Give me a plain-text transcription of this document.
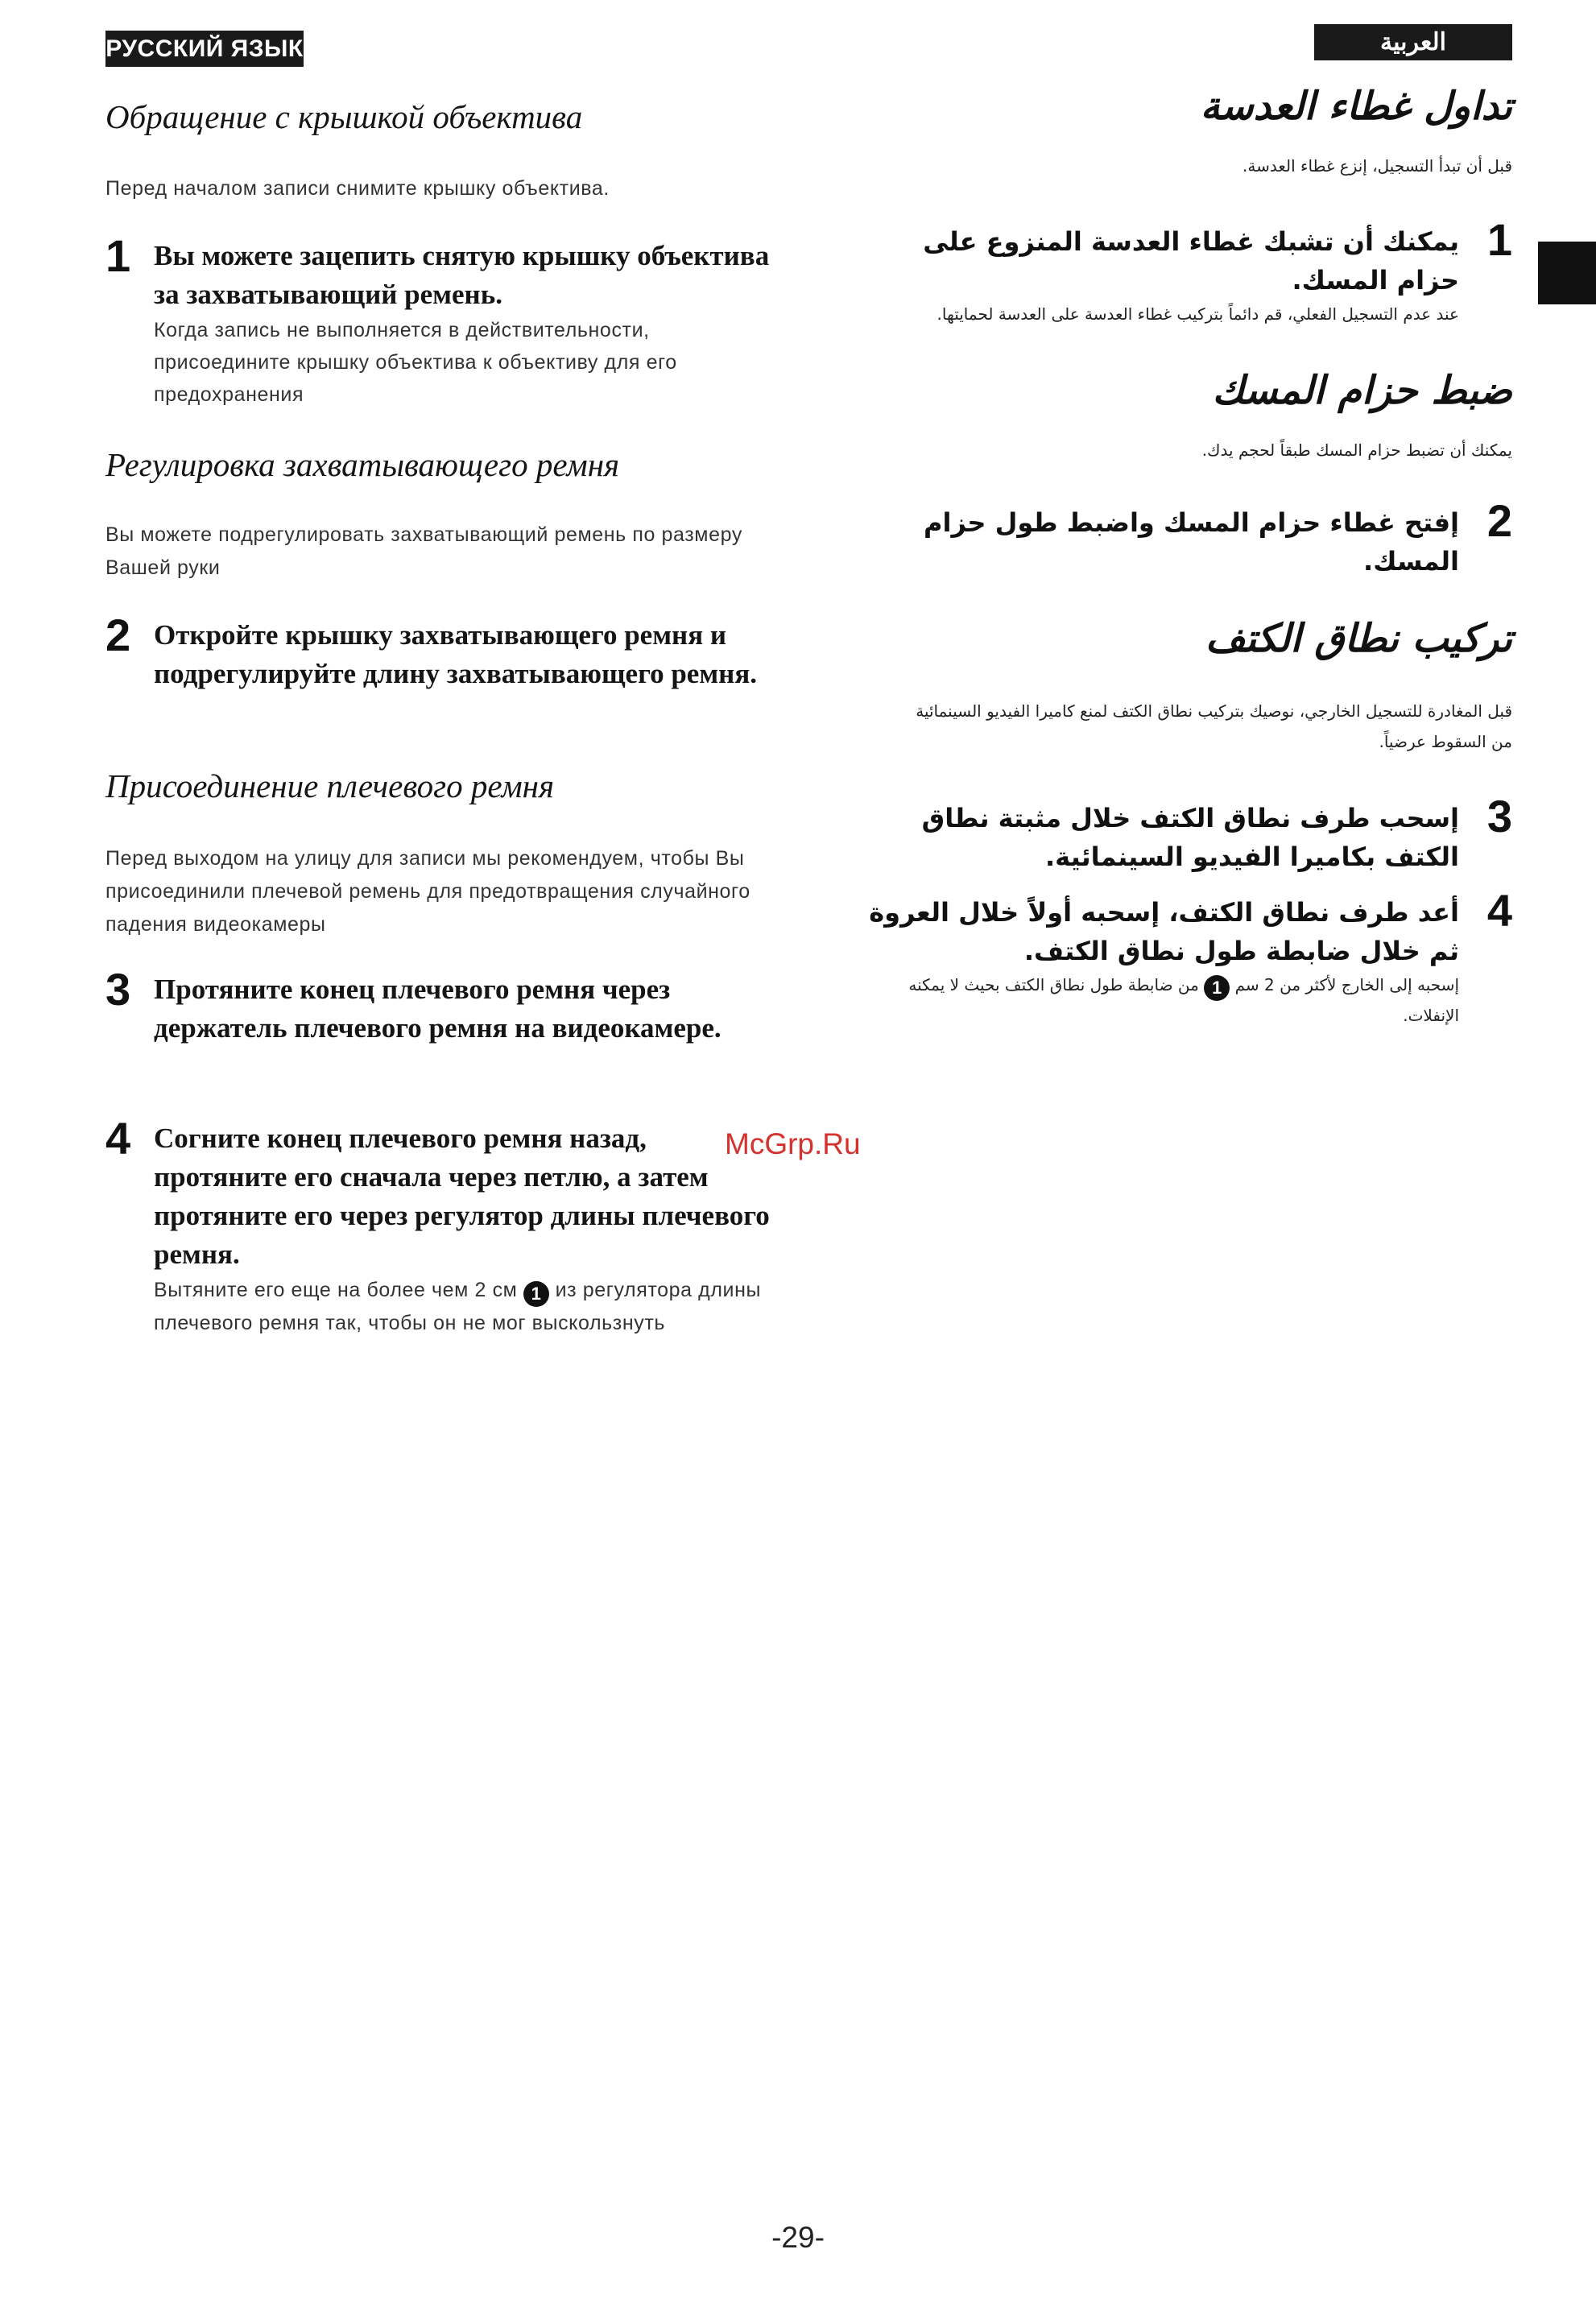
РУССКИЙ ЯЗЫК	العربية
Обращение с крышкой объектива
Перед началом записи снимите крышку объектива.
1 Вы можете зацепить снятую крышку объектива за захватывающий ремень.
Когда запись не выполняется в действительности, присоедините крышку объектива к объективу для его предохранения
Регулировка захватывающего ремня
Вы можете подрегулировать захватывающий ремень по размеру Вашей руки
2 Откройте крышку захватывающего ремня и подрегулируйте длину захватывающего ремня.
Присоединение плечевого ремня
Перед выходом на улицу для записи мы рекомендуем, чтобы Вы присоединили плечевой ремень для предотвращения случайного падения видеокамеры
3 Протяните конец плечевого ремня через держатель плечевого ремня на видеокамере.
4 Согните конец плечевого ремня назад, протяните его сначала через петлю, а затем протяните его через регулятор длины плечевого ремня.
Вытяните его еще на более чем 2 см 1 из регулятора длины плечевого ремня так, чтобы он не мог выскользнуть
تداول غطاء العدسة
قبل أن تبدأ التسجيل، إنزع غطاء العدسة.
1
يمكنك أن تشبك غطاء العدسة المنزوع على حزام المسك.
عند عدم التسجيل الفعلي، قم دائماً بتركيب غطاء العدسة على العدسة لحمايتها.
ضبط حزام المسك
يمكنك أن تضبط حزام المسك طبقاً لحجم يدك.
2
إفتح غطاء حزام المسك واضبط طول حزام المسك.
تركيب نطاق الكتف
قبل المغادرة للتسجيل الخارجي، نوصيك بتركيب نطاق الكتف لمنع كاميرا الفيديو السينمائية من السقوط عرضياً.
3
إسحب طرف نطاق الكتف خلال مثبتة نطاق الكتف بكاميرا الفيديو السينمائية.
4
أعد طرف نطاق الكتف، إسحبه أولاً خلال العروة ثم خلال ضابطة طول نطاق الكتف.
إسحبه إلى الخارج لأكثر من 2 سم 1 من ضابطة طول نطاق الكتف بحيث لا يمكنه الإنفلات.
McGrp.Ru
-29-
